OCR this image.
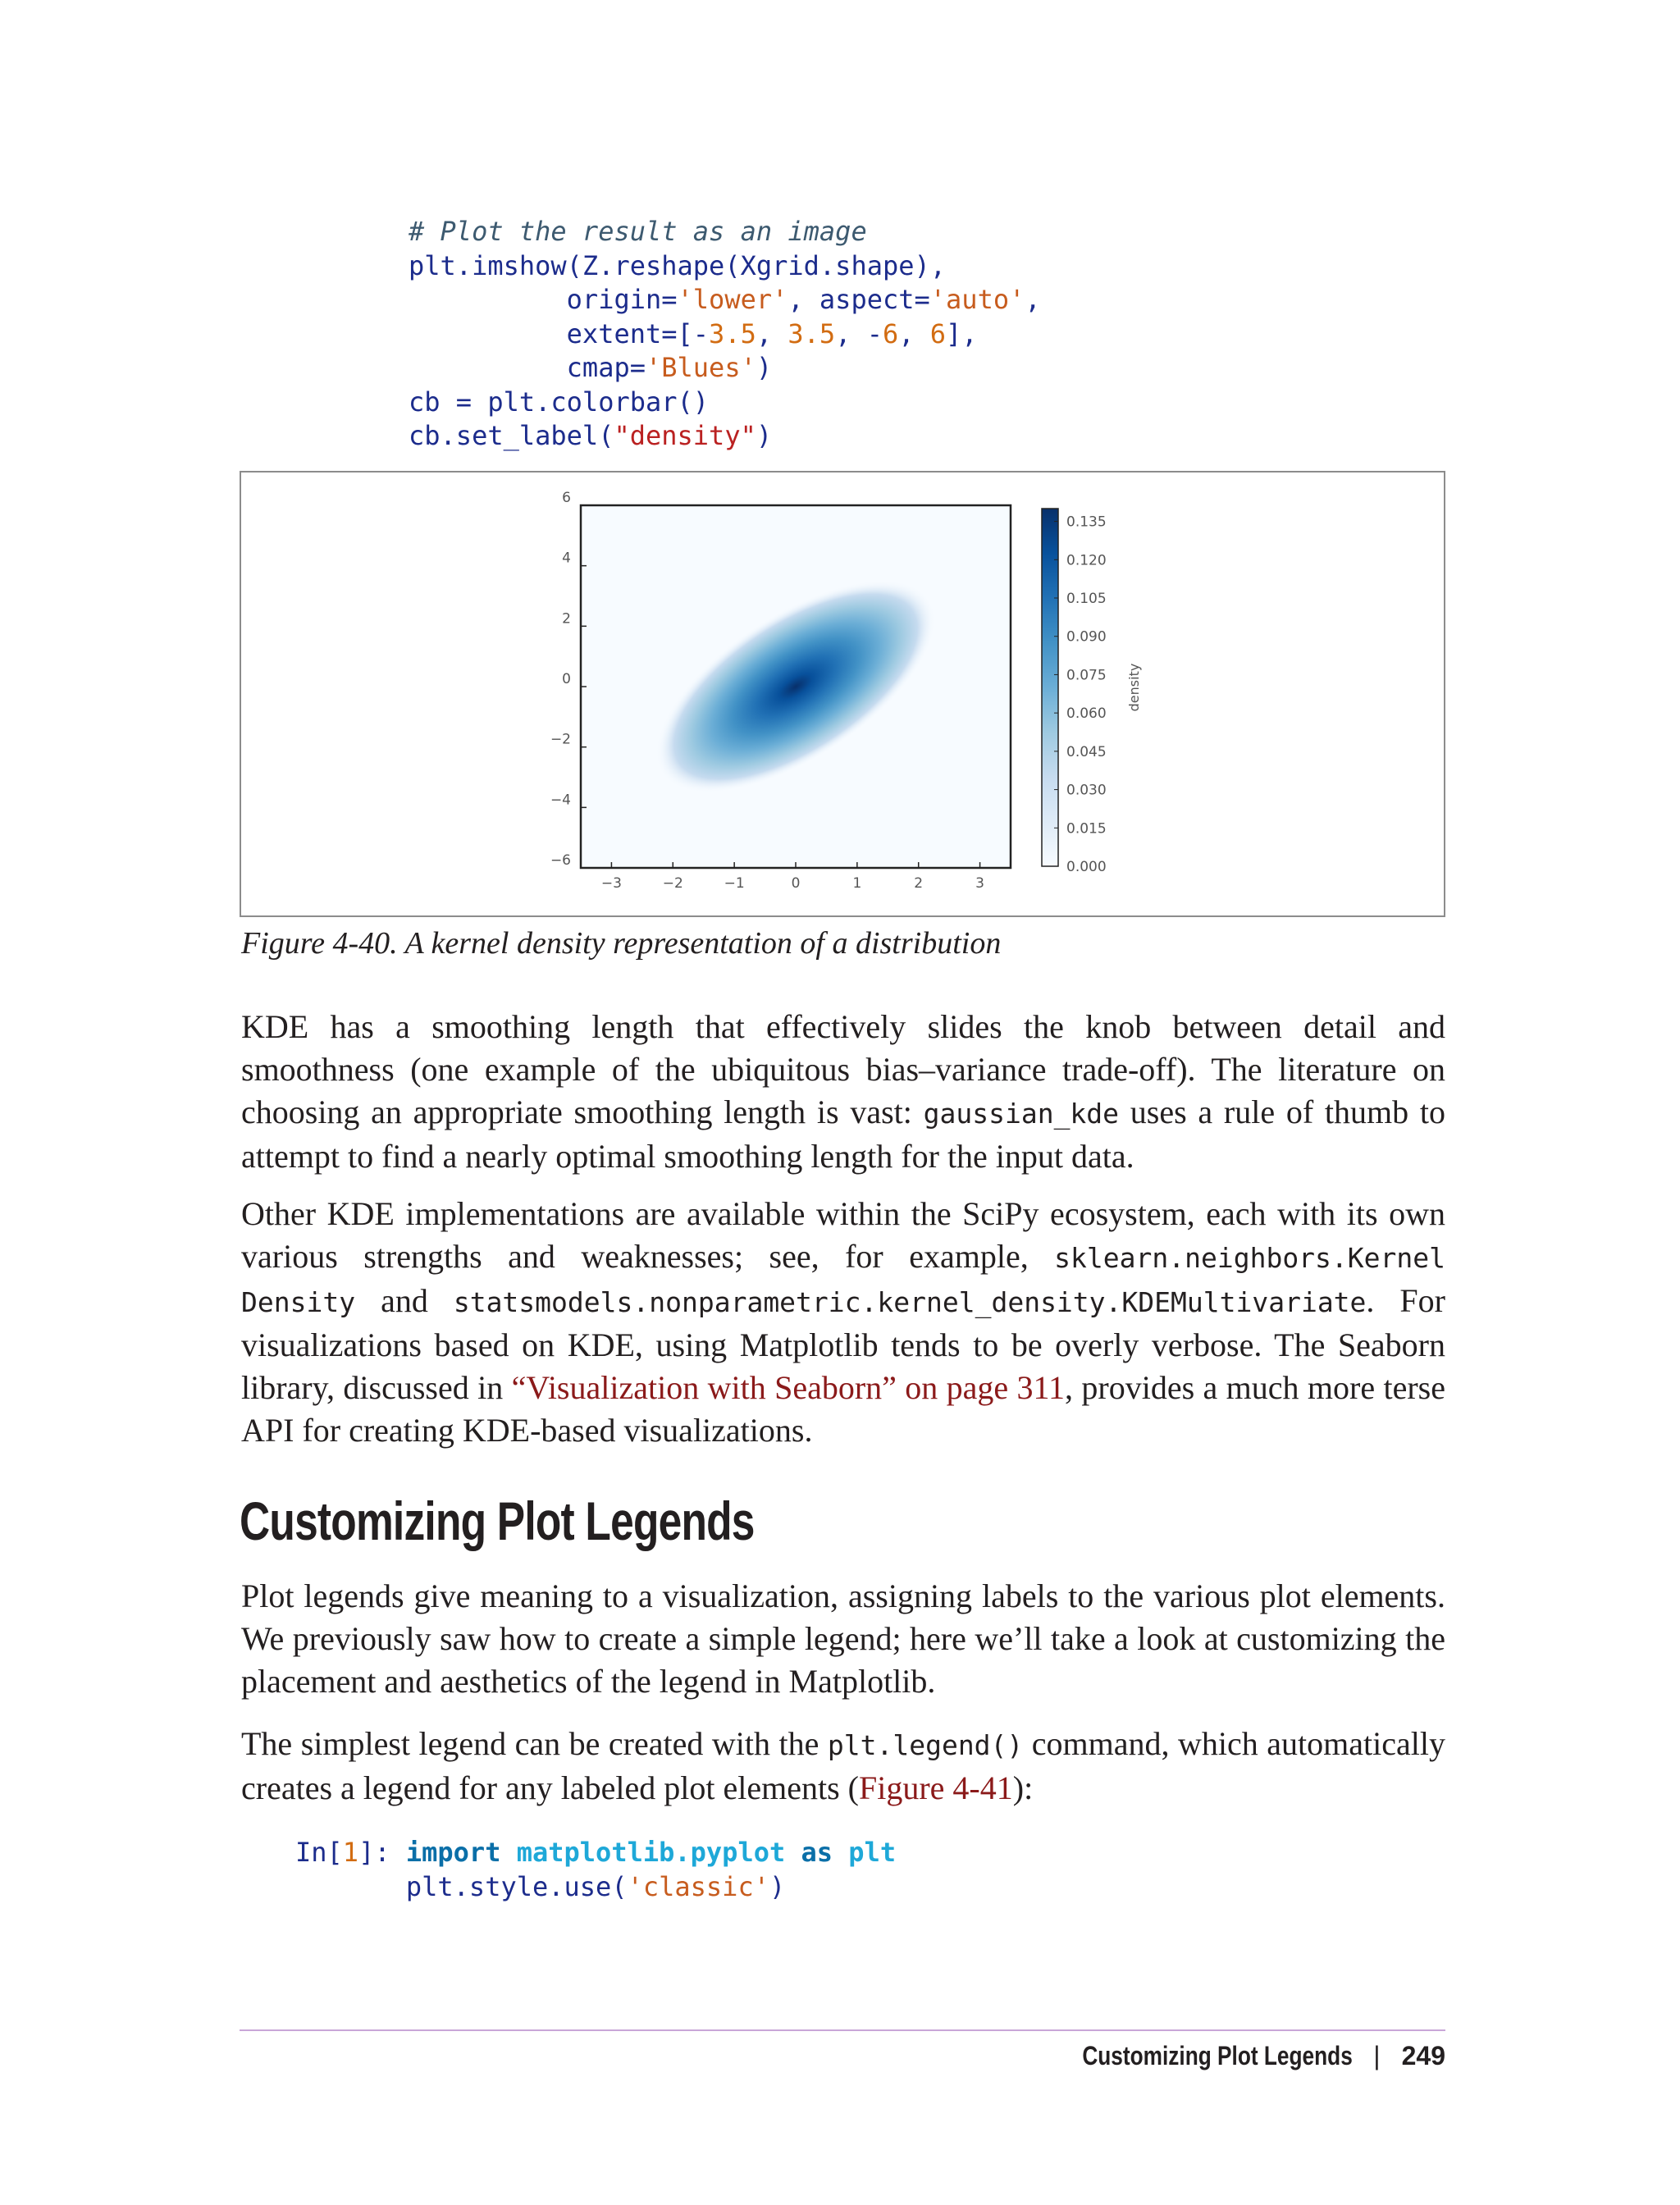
# Plot the result as an image
plt.imshow(Z.reshape(Xgrid.shape),
origin='lower', aspect='auto',
extent=[-3.5, 3.5, -6, 6],
cmap='Blues')
cb = plt.colorbar()
cb.set_label("density")
−3	−2	−1	0	1	2	3
−6
−4
−2
0
2
4
6
0.000
0.015
0.030
0.045
0.060
0.075
0.090
0.105
0.120
0.135
density
Figure 4-40. A kernel density representation of a distribution

KDE has a smoothing length that effectively slides the knob between detail and smoothness (one example of the ubiquitous bias–variance trade-off). The literature on choosing an appropriate smoothing length is vast: gaussian_kde uses a rule of thumb to attempt to find a nearly optimal smoothing length for the input data.

Other KDE implementations are available within the SciPy ecosystem, each with its own various strengths and weaknesses; see, for example, sklearn.neighbors.Kernel Density and statsmodels.nonparametric.kernel_density.KDEMultivariate. For visualizations based on KDE, using Matplotlib tends to be overly verbose. The Seaborn library, discussed in “Visualization with Seaborn” on page 311, provides a much more terse API for creating KDE-based visualizations.

Customizing Plot Legends

Plot legends give meaning to a visualization, assigning labels to the various plot elements. We previously saw how to create a simple legend; here we’ll take a look at customizing the placement and aesthetics of the legend in Matplotlib.

The simplest legend can be created with the plt.legend() command, which automatically creates a legend for any labeled plot elements (Figure 4-41):

In[1]: import matplotlib.pyplot as plt
plt.style.use('classic')
Customizing Plot Legends | 249
